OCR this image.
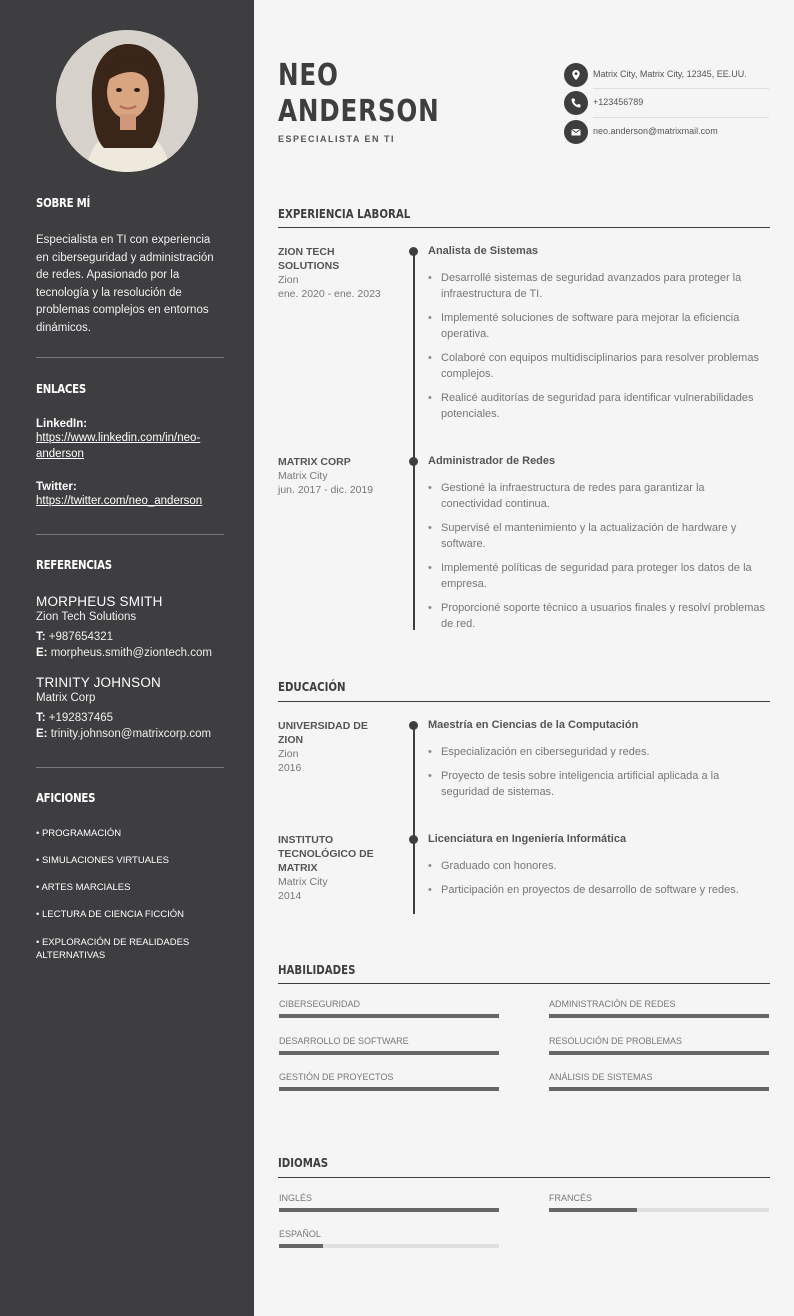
SOBRE MÍ
Especialista en TI con experiencia en ciberseguridad y administración de redes. Apasionado por la tecnología y la resolución de problemas complejos en entornos dinámicos.
ENLACES
LinkedIn:
https://www.linkedin.com/in/neo-anderson
Twitter:
https://twitter.com/neo_anderson
REFERENCIAS
MORPHEUS SMITH
Zion Tech Solutions
T: +987654321
E: morpheus.smith@ziontech.com
TRINITY JOHNSON
Matrix Corp
T: +192837465
E: trinity.johnson@matrixcorp.com
AFICIONES
• PROGRAMACIÓN
• SIMULACIONES VIRTUALES
• ARTES MARCIALES
• LECTURA DE CIENCIA FICCIÓN
• EXPLORACIÓN DE REALIDADES ALTERNATIVAS
NEO
ANDERSON
ESPECIALISTA EN TI
Matrix City, Matrix City, 12345, EE.UU.
+123456789
neo.anderson@matrixmail.com
EXPERIENCIA LABORAL
ZION TECH SOLUTIONS
Zion
ene. 2020 - ene. 2023
Analista de Sistemas
• Desarrollé sistemas de seguridad avanzados para proteger la infraestructura de TI.
• Implementé soluciones de software para mejorar la eficiencia operativa.
• Colaboré con equipos multidisciplinarios para resolver problemas complejos.
• Realicé auditorías de seguridad para identificar vulnerabilidades potenciales.
MATRIX CORP
Matrix City
jun. 2017 - dic. 2019
Administrador de Redes
• Gestioné la infraestructura de redes para garantizar la conectividad continua.
• Supervisé el mantenimiento y la actualización de hardware y software.
• Implementé políticas de seguridad para proteger los datos de la empresa.
• Proporcioné soporte técnico a usuarios finales y resolví problemas de red.
EDUCACIÓN
UNIVERSIDAD DE ZION
Zion
2016
Maestría en Ciencias de la Computación
• Especialización en ciberseguridad y redes.
• Proyecto de tesis sobre inteligencia artificial aplicada a la seguridad de sistemas.
INSTITUTO TECNOLÓGICO DE MATRIX
Matrix City
2014
Licenciatura en Ingeniería Informática
• Graduado con honores.
• Participación en proyectos de desarrollo de software y redes.
HABILIDADES
CIBERSEGURIDAD	ADMINISTRACIÓN DE REDES
DESARROLLO DE SOFTWARE	RESOLUCIÓN DE PROBLEMAS
GESTIÓN DE PROYECTOS	ANÁLISIS DE SISTEMAS
IDIOMAS
INGLÉS	FRANCÉS
ESPAÑOL
